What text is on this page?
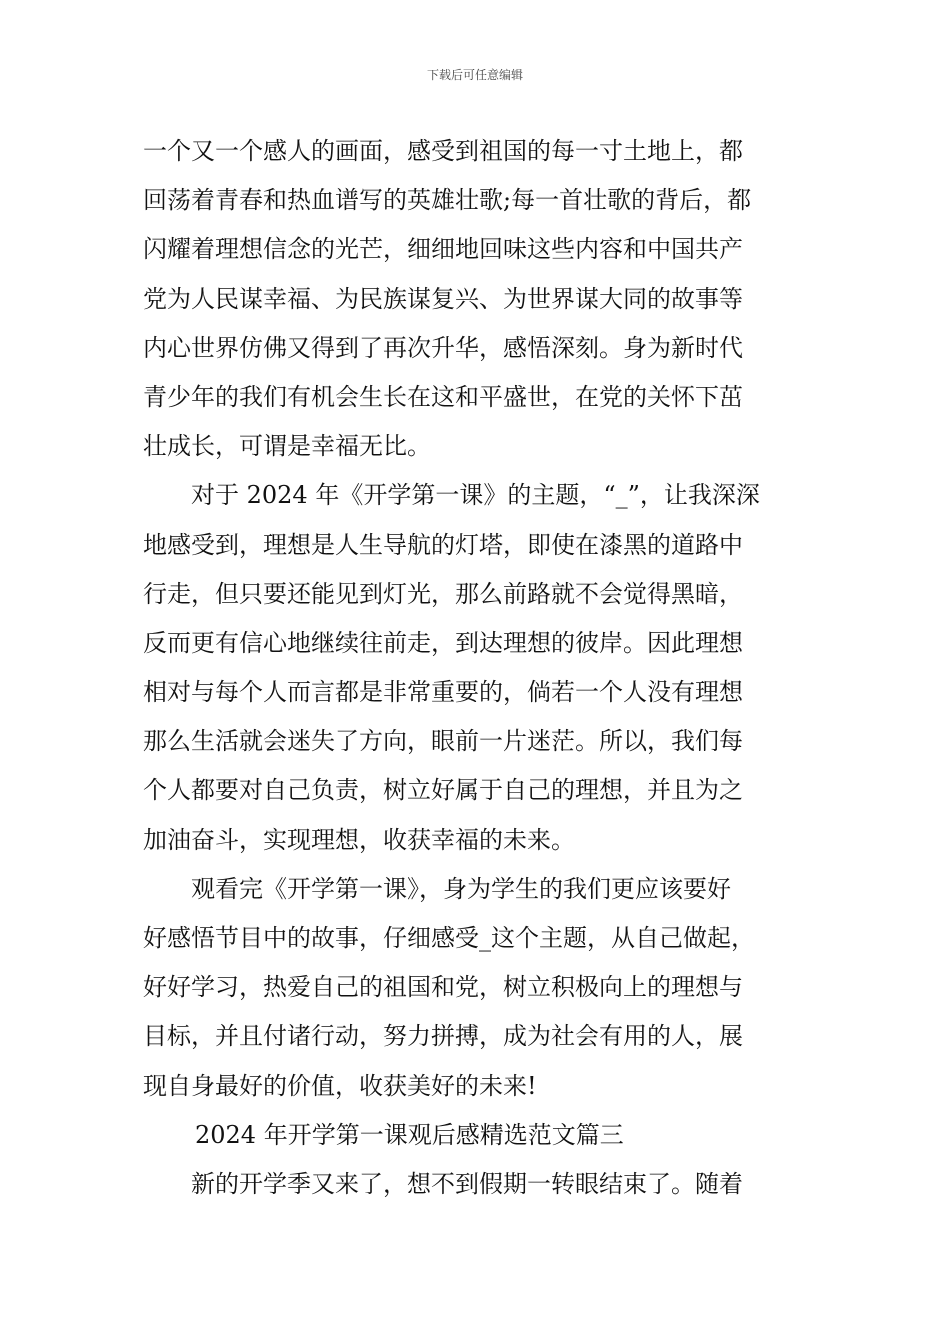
下载后可任意编辑
一个又一个感人的画面，感受到祖国的每一寸土地上，都
回荡着青春和热血谱写的英雄壮歌;每一首壮歌的背后，都
闪耀着理想信念的光芒，细细地回味这些内容和中国共产
党为人民谋幸福、为民族谋复兴、为世界谋大同的故事等
内心世界仿佛又得到了再次升华，感悟深刻。身为新时代
青少年的我们有机会生长在这和平盛世，在党的关怀下茁
壮成长，可谓是幸福无比。
对于 2024 年《开学第一课》的主题，“_”，让我深深
地感受到，理想是人生导航的灯塔，即使在漆黑的道路中
行走，但只要还能见到灯光，那么前路就不会觉得黑暗，
反而更有信心地继续往前走，到达理想的彼岸。因此理想
相对与每个人而言都是非常重要的，倘若一个人没有理想
那么生活就会迷失了方向，眼前一片迷茫。所以，我们每
个人都要对自己负责，树立好属于自己的理想，并且为之
加油奋斗，实现理想，收获幸福的未来。
观看完《开学第一课》，身为学生的我们更应该要好
好感悟节目中的故事，仔细感受_这个主题，从自己做起，
好好学习，热爱自己的祖国和党，树立积极向上的理想与
目标，并且付诸行动，努力拼搏，成为社会有用的人，展
现自身最好的价值，收获美好的未来!
2024 年开学第一课观后感精选范文篇三
新的开学季又来了，想不到假期一转眼结束了。随着
